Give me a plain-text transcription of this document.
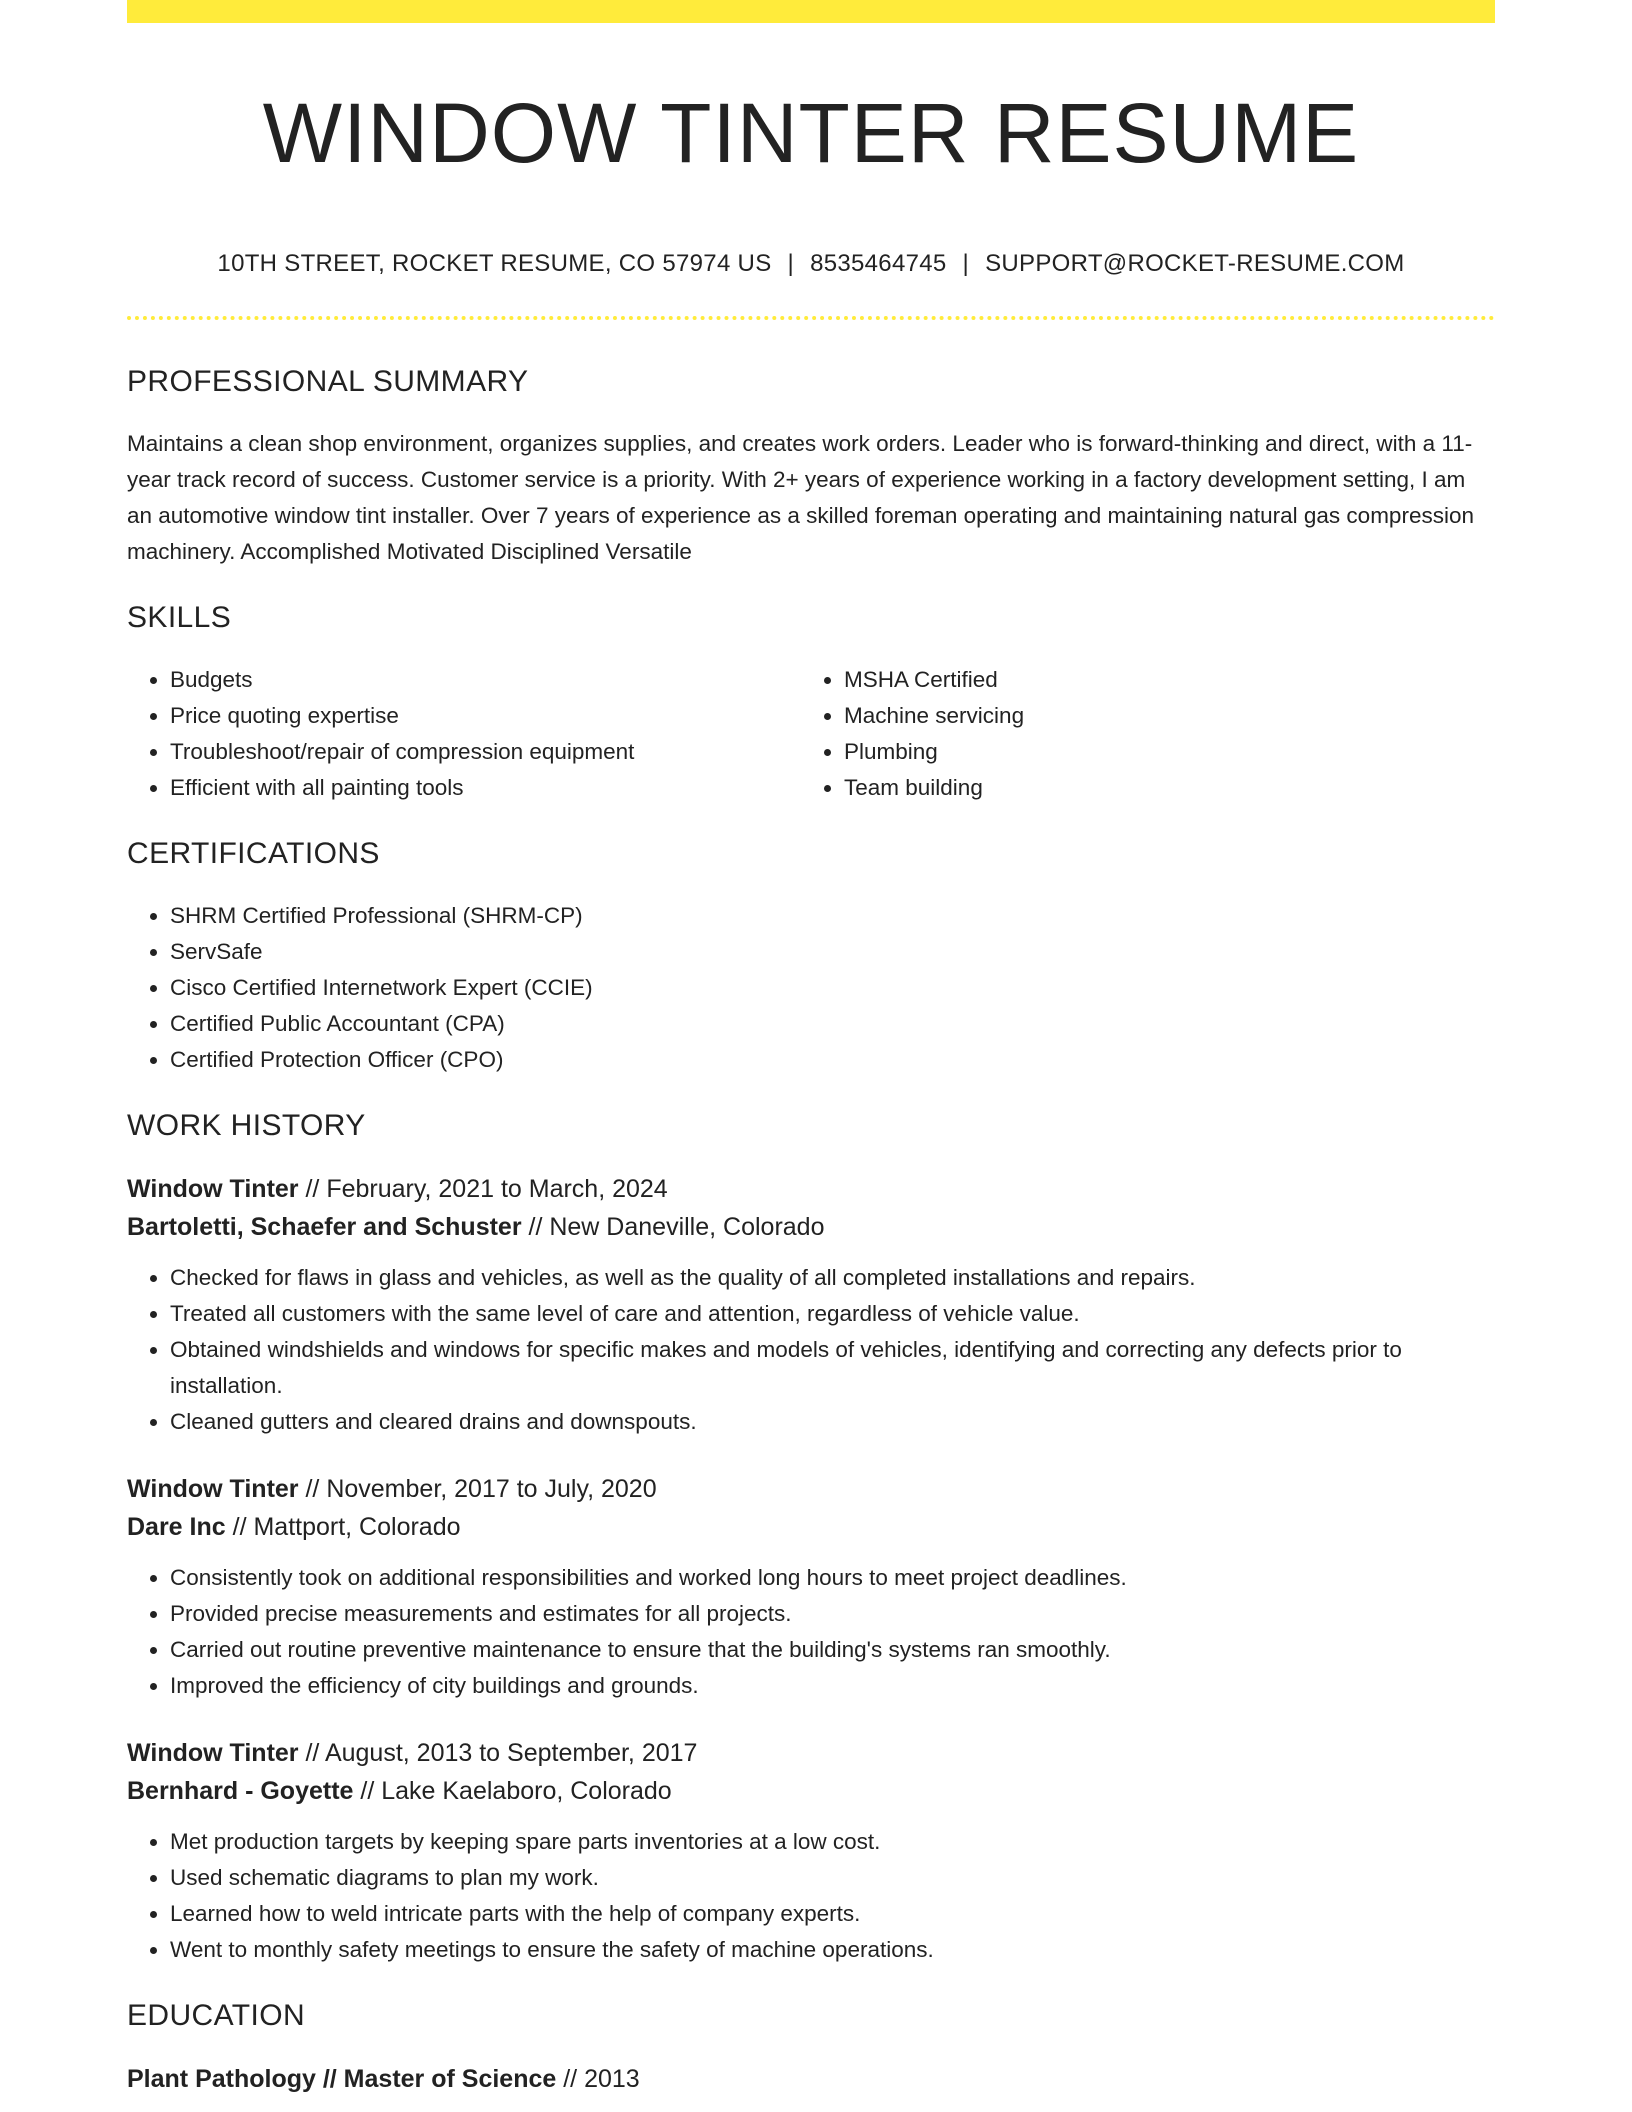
WINDOW TINTER RESUME
10TH STREET, ROCKET RESUME, CO 57974 US | 8535464745 | SUPPORT@ROCKET-RESUME.COM
PROFESSIONAL SUMMARY

Maintains a clean shop environment, organizes supplies, and creates work orders. Leader who is forward-thinking and direct, with a 11-year track record of success. Customer service is a priority. With 2+ years of experience working in a factory development setting, I am an automotive window tint installer. Over 7 years of experience as a skilled foreman operating and maintaining natural gas compression machinery. Accomplished Motivated Disciplined Versatile

SKILLS
• Budgets
• Price quoting expertise
• Troubleshoot/repair of compression equipment
• Efficient with all painting tools
• MSHA Certified
• Machine servicing
• Plumbing
• Team building
CERTIFICATIONS
• SHRM Certified Professional (SHRM-CP)
• ServSafe
• Cisco Certified Internetwork Expert (CCIE)
• Certified Public Accountant (CPA)
• Certified Protection Officer (CPO)
WORK HISTORY
Window Tinter // February, 2021 to March, 2024
Bartoletti, Schaefer and Schuster // New Daneville, Colorado
• Checked for flaws in glass and vehicles, as well as the quality of all completed installations and repairs.
• Treated all customers with the same level of care and attention, regardless of vehicle value.
• Obtained windshields and windows for specific makes and models of vehicles, identifying and correcting any defects prior to installation.
• Cleaned gutters and cleared drains and downspouts.
Window Tinter // November, 2017 to July, 2020
Dare Inc // Mattport, Colorado
• Consistently took on additional responsibilities and worked long hours to meet project deadlines.
• Provided precise measurements and estimates for all projects.
• Carried out routine preventive maintenance to ensure that the building's systems ran smoothly.
• Improved the efficiency of city buildings and grounds.
Window Tinter // August, 2013 to September, 2017
Bernhard - Goyette // Lake Kaelaboro, Colorado
• Met production targets by keeping spare parts inventories at a low cost.
• Used schematic diagrams to plan my work.
• Learned how to weld intricate parts with the help of company experts.
• Went to monthly safety meetings to ensure the safety of machine operations.
EDUCATION
Plant Pathology // Master of Science // 2013
